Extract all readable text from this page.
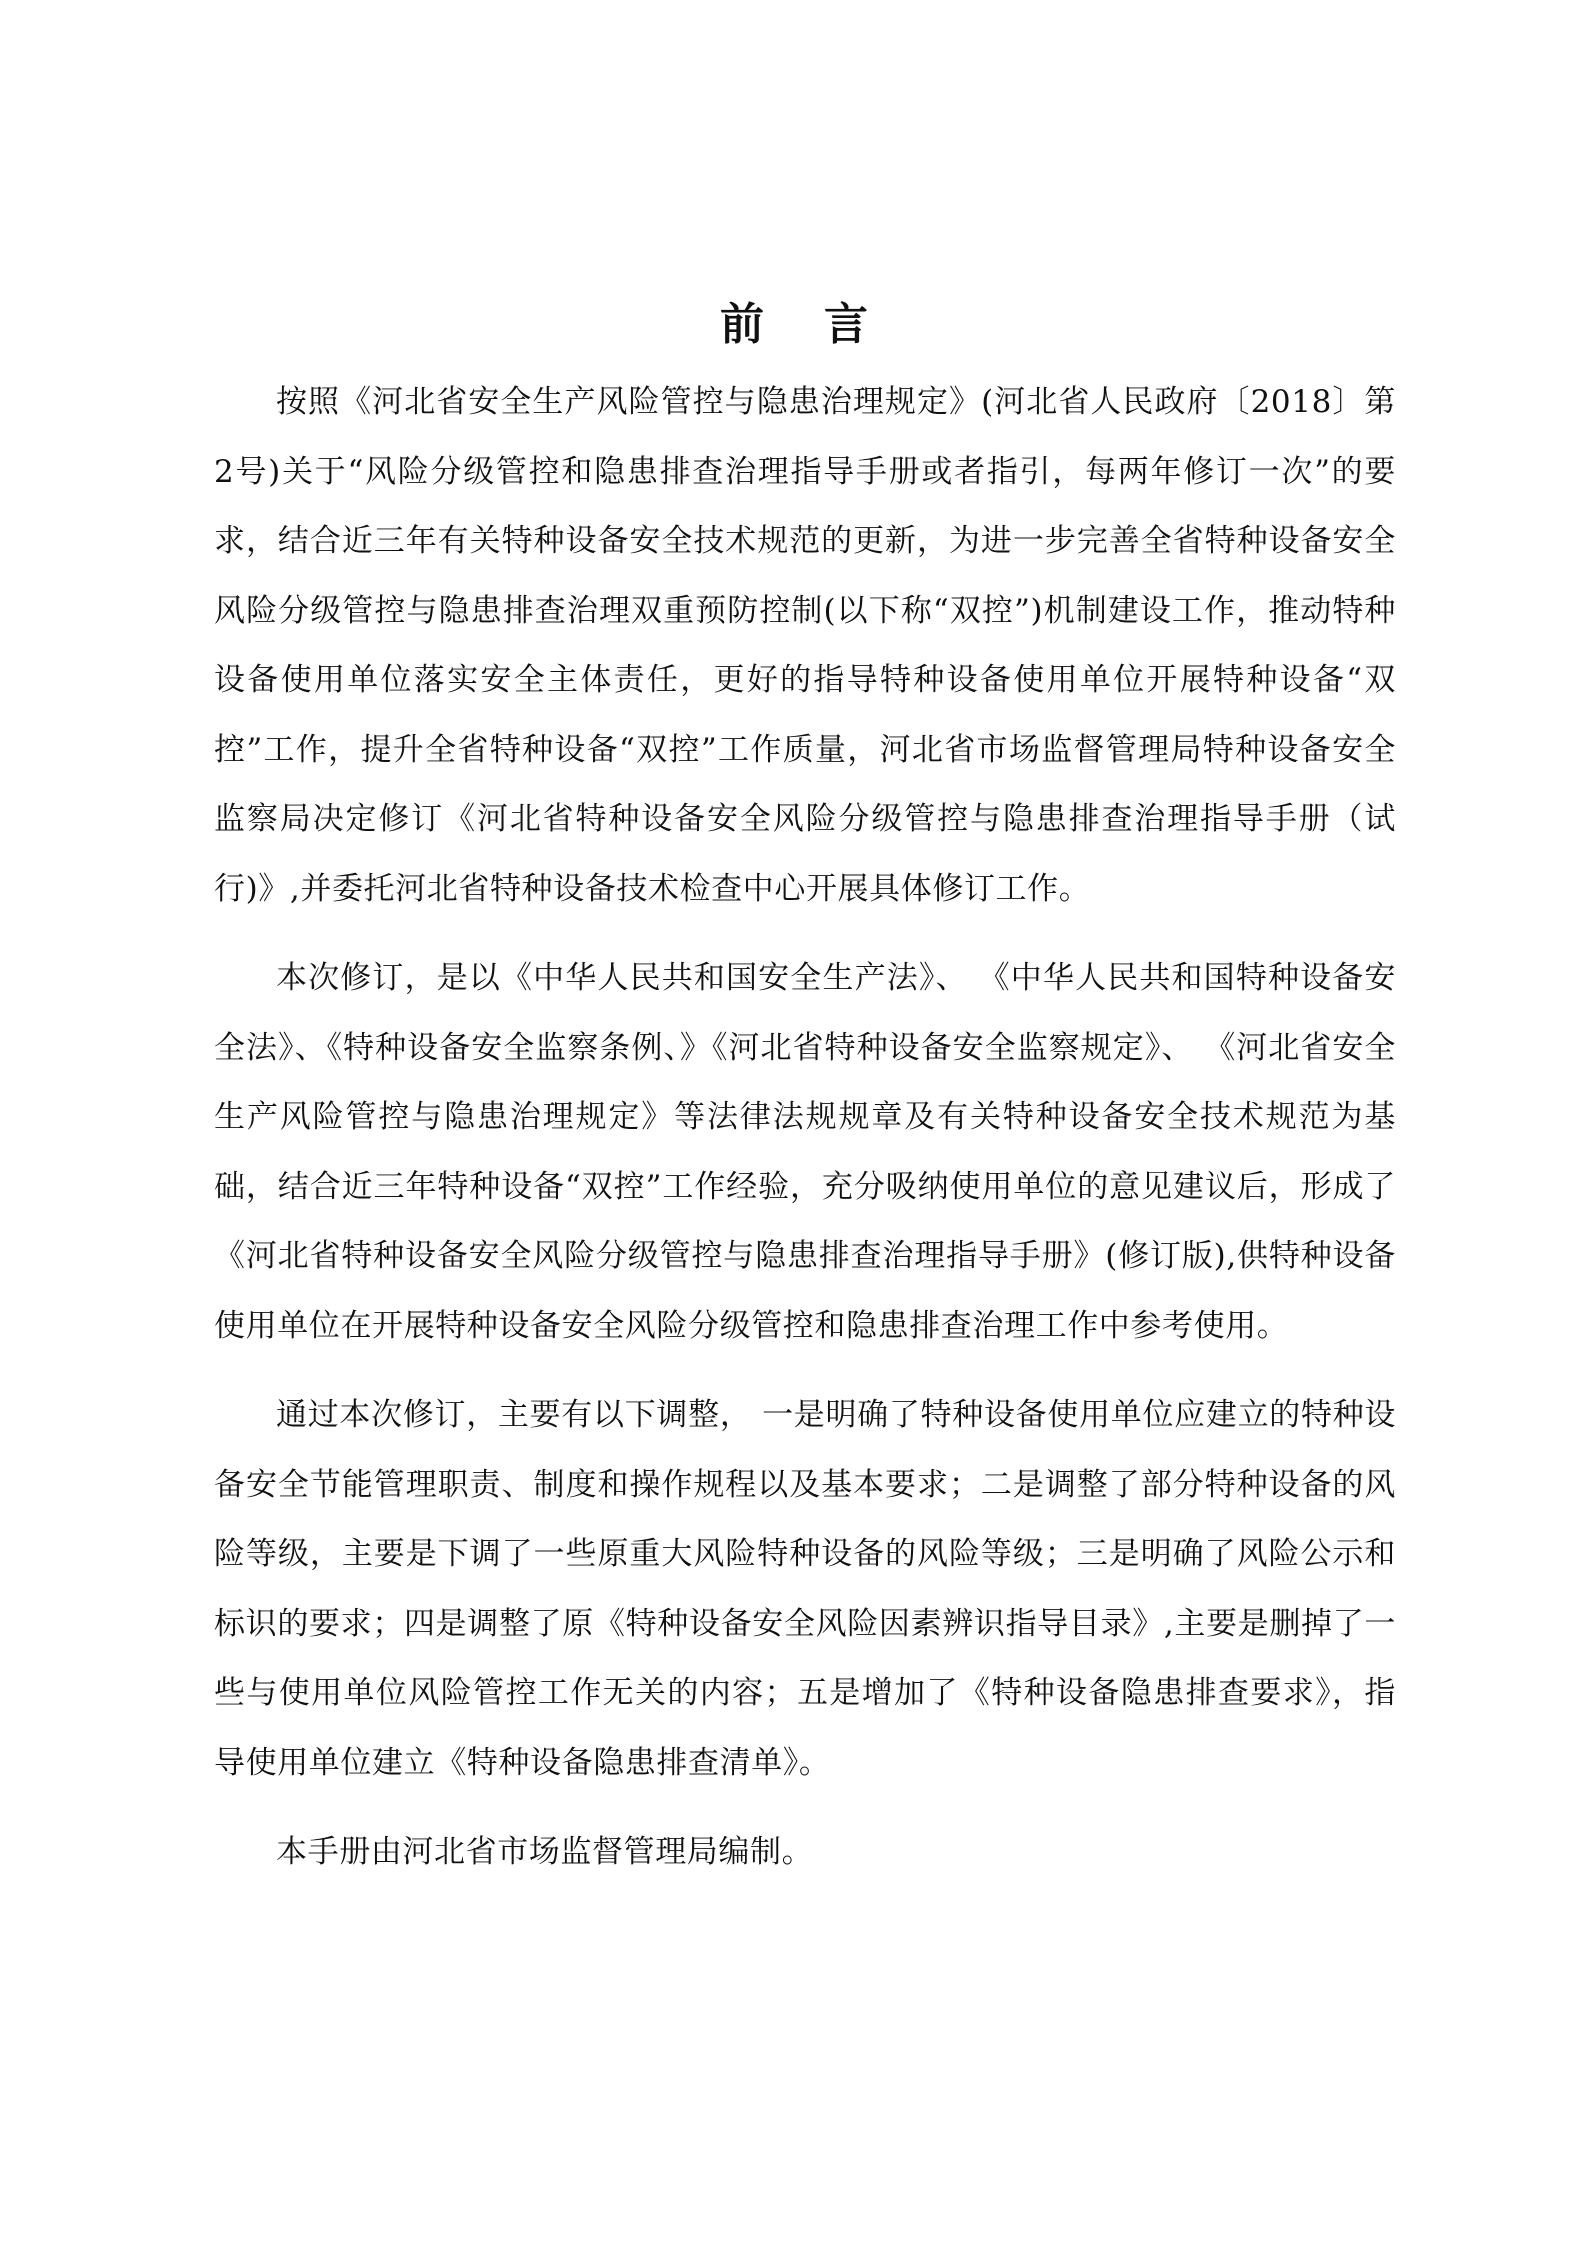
前言

按照《河北省安全生产风险管控与隐患治理规定》(河北省人民政府〔2018〕第2号)关于“风险分级管控和隐患排查治理指导手册或者指引，每两年修订一次”的要求，结合近三年有关特种设备安全技术规范的更新，为进一步完善全省特种设备安全风险分级管控与隐患排查治理双重预防控制(以下称“双控”)机制建设工作，推动特种设备使用单位落实安全主体责任，更好的指导特种设备使用单位开展特种设备“双控”工作，提升全省特种设备“双控”工作质量，河北省市场监督管理局特种设备安全监察局决定修订《河北省特种设备安全风险分级管控与隐患排查治理指导手册（试行)》,并委托河北省特种设备技术检查中心开展具体修订工作。

本次修订，是以《中华人民共和国安全生产法》、 《中华人民共和国特种设备安全法》、《特种设备安全监察条例、》《河北省特种设备安全监察规定》、 《河北省安全生产风险管控与隐患治理规定》等法律法规规章及有关特种设备安全技术规范为基础，结合近三年特种设备“双控”工作经验，充分吸纳使用单位的意见建议后，形成了《河北省特种设备安全风险分级管控与隐患排查治理指导手册》(修订版),供特种设备使用单位在开展特种设备安全风险分级管控和隐患排查治理工作中参考使用。

通过本次修订，主要有以下调整， 一是明确了特种设备使用单位应建立的特种设备安全节能管理职责、制度和操作规程以及基本要求；二是调整了部分特种设备的风险等级，主要是下调了一些原重大风险特种设备的风险等级；三是明确了风险公示和标识的要求；四是调整了原《特种设备安全风险因素辨识指导目录》,主要是删掉了一些与使用单位风险管控工作无关的内容；五是增加了《特种设备隐患排查要求》，指导使用单位建立《特种设备隐患排查清单》。

本手册由河北省市场监督管理局编制。
